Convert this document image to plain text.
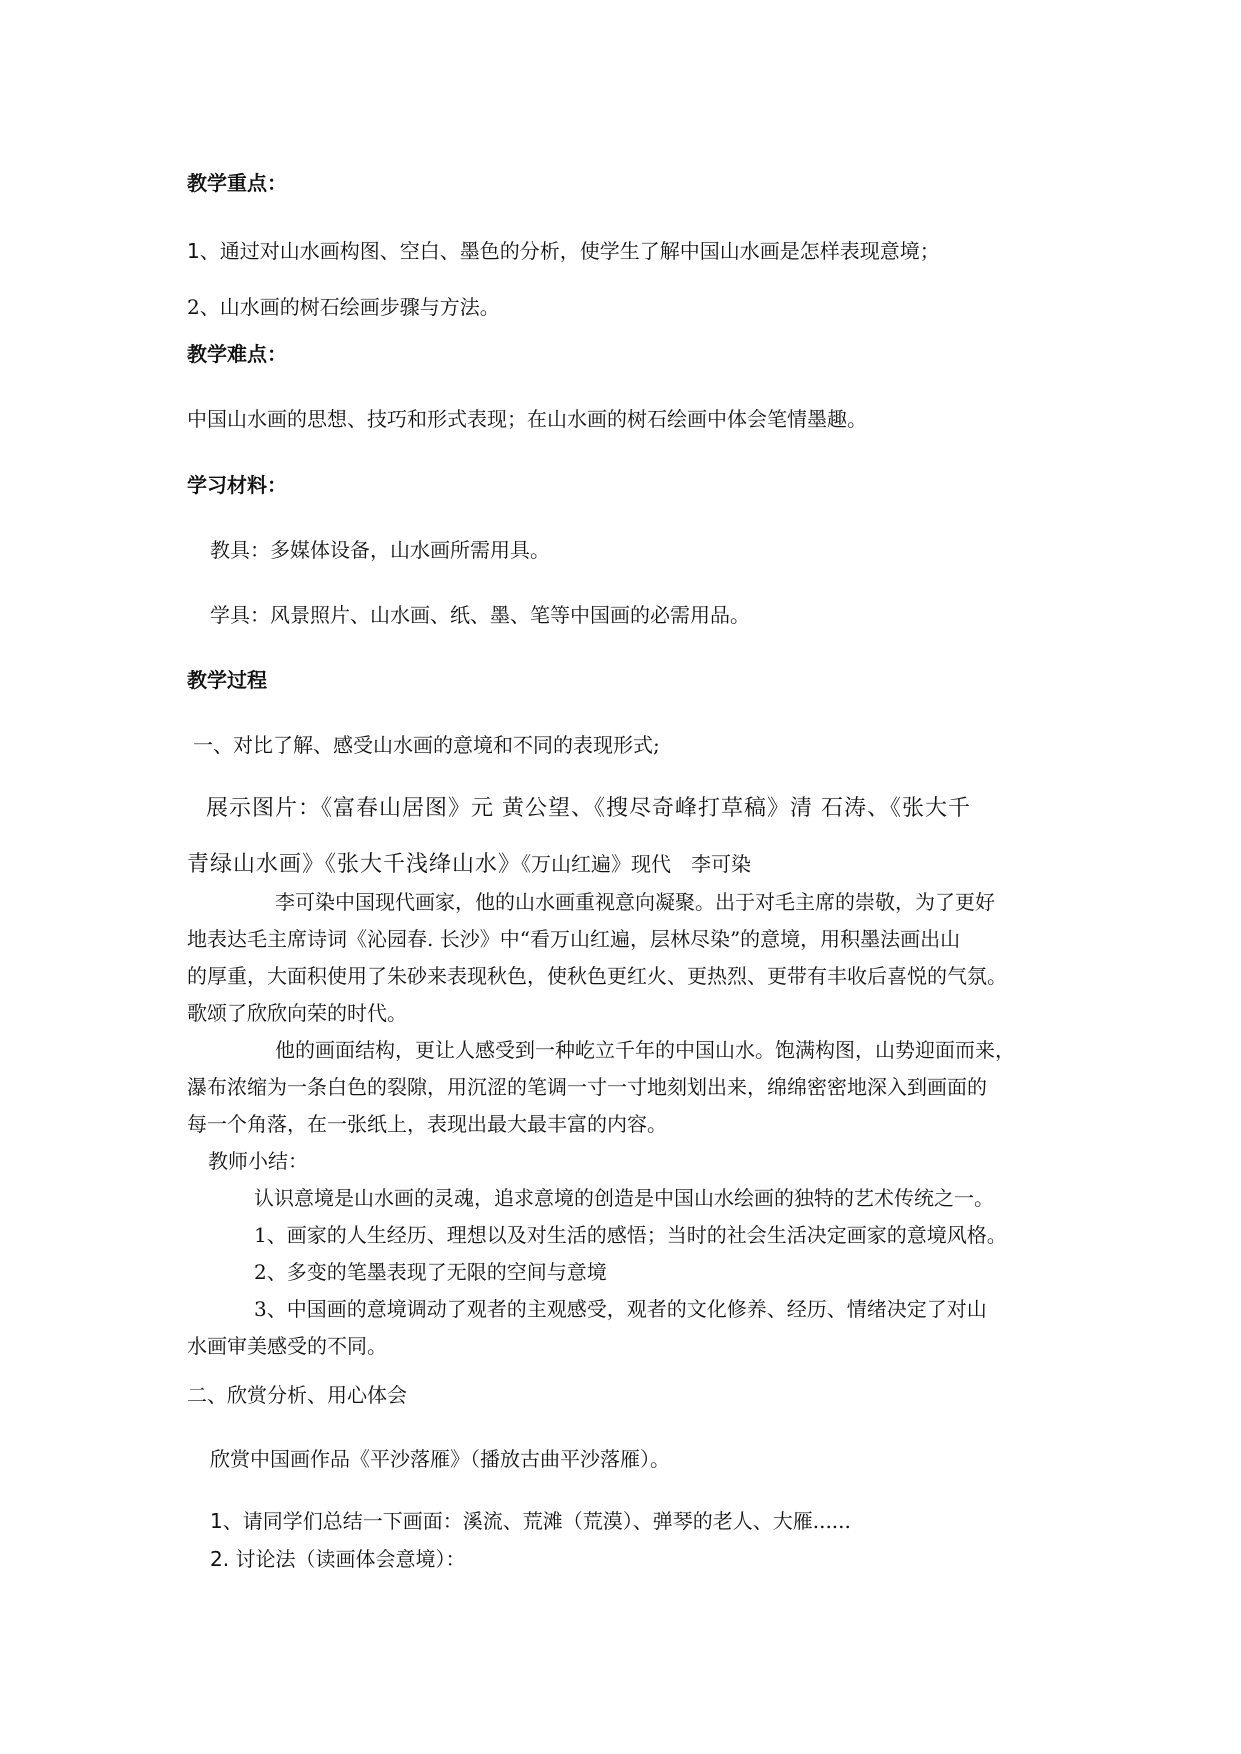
教学重点：
1、通过对山水画构图、空白、墨色的分析，使学生了解中国山水画是怎样表现意境；
2、山水画的树石绘画步骤与方法。
教学难点：
中国山水画的思想、技巧和形式表现；在山水画的树石绘画中体会笔情墨趣。
学习材料：
教具：多媒体设备，山水画所需用具。
学具：风景照片、山水画、纸、墨、笔等中国画的必需用品。
教学过程
一、对比了解、感受山水画的意境和不同的表现形式;
展示图片：《富春山居图》元 黄公望、《搜尽奇峰打草稿》清 石涛、《张大千
青绿山水画》《张大千浅绛山水》《万山红遍》现代　李可染
李可染中国现代画家，他的山水画重视意向凝聚。出于对毛主席的崇敬，为了更好
地表达毛主席诗词《沁园春. 长沙》中“看万山红遍，层林尽染”的意境，用积墨法画出山
的厚重，大面积使用了朱砂来表现秋色，使秋色更红火、更热烈、更带有丰收后喜悦的气氛。
歌颂了欣欣向荣的时代。
他的画面结构，更让人感受到一种屹立千年的中国山水。饱满构图，山势迎面而来，
瀑布浓缩为一条白色的裂隙，用沉涩的笔调一寸一寸地刻划出来，绵绵密密地深入到画面的
每一个角落，在一张纸上，表现出最大最丰富的内容。
教师小结：
认识意境是山水画的灵魂，追求意境的创造是中国山水绘画的独特的艺术传统之一。
1、画家的人生经历、理想以及对生活的感悟；当时的社会生活决定画家的意境风格。
2、多变的笔墨表现了无限的空间与意境
3、中国画的意境调动了观者的主观感受，观者的文化修养、经历、情绪决定了对山
水画审美感受的不同。
二、欣赏分析、用心体会
欣赏中国画作品《平沙落雁》（播放古曲平沙落雁）。
1、请同学们总结一下画面：溪流、荒滩（荒漠）、弹琴的老人、大雁......
2. 讨论法（读画体会意境）：
